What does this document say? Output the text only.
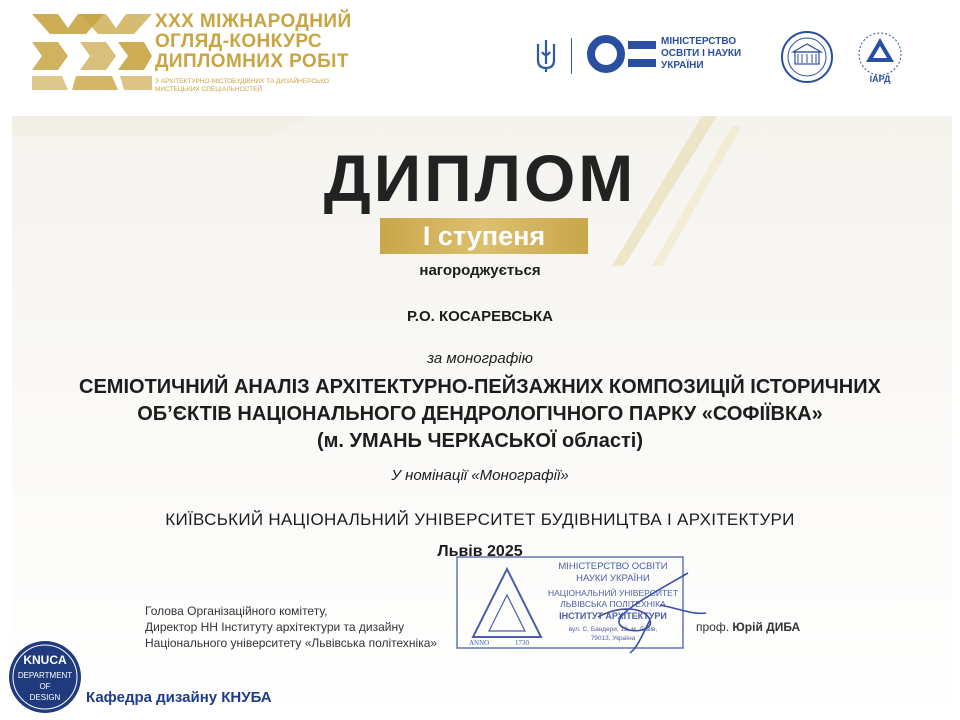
XXX МІЖНАРОДНИЙ
ОГЛЯД-КОНКУРС
ДИПЛОМНИХ РОБІТ
З АРХІТЕКТУРНО-МІСТОБУДІВНИХ ТА ДИЗАЙНЕРСЬКО МИСТЕЦЬКИХ СПЕЦІАЛЬНОСТЕЙ
МІНІСТЕРСТВО
ОСВІТИ І НАУКИ
УКРАЇНИ
ІАРД
ДИПЛОМ
І ступеня
нагороджується
Р.О. КОСАРЕВСЬКА
за монографію
СЕМІОТИЧНИЙ АНАЛІЗ АРХІТЕКТУРНО-ПЕЙЗАЖНИХ КОМПОЗИЦІЙ ІСТОРИЧНИХ
ОБ’ЄКТІВ НАЦІОНАЛЬНОГО ДЕНДРОЛОГІЧНОГО ПАРКУ «СОФІЇВКА»
(м. УМАНЬ ЧЕРКАСЬКОЇ області)
У номінації «Монографії»
КИЇВСЬКИЙ НАЦІОНАЛЬНИЙ УНІВЕРСИТЕТ БУДІВНИЦТВА І АРХІТЕКТУРИ
Львів 2025
Голова Організаційного комітету,
Директор НН Інституту архітектури та дизайну
Національного університету «Львівська політехніка»	ANNO	1730
МІНІСТЕРСТВО ОСВІТИ
НАУКИ УКРАЇНИ
НАЦІОНАЛЬНИЙ УНІВЕРСИТЕТ
ЛЬВІВСЬКА ПОЛІТЕХНІКА
ІНСТИТУТ АРХІТЕКТУРИ
вул. С. Бандери, 12, м. Львів,
79013, Україна
проф. Юрій ДИБА
KNUCA
DEPARTMENT
OF
DESIGN Кафедра дизайну КНУБА
